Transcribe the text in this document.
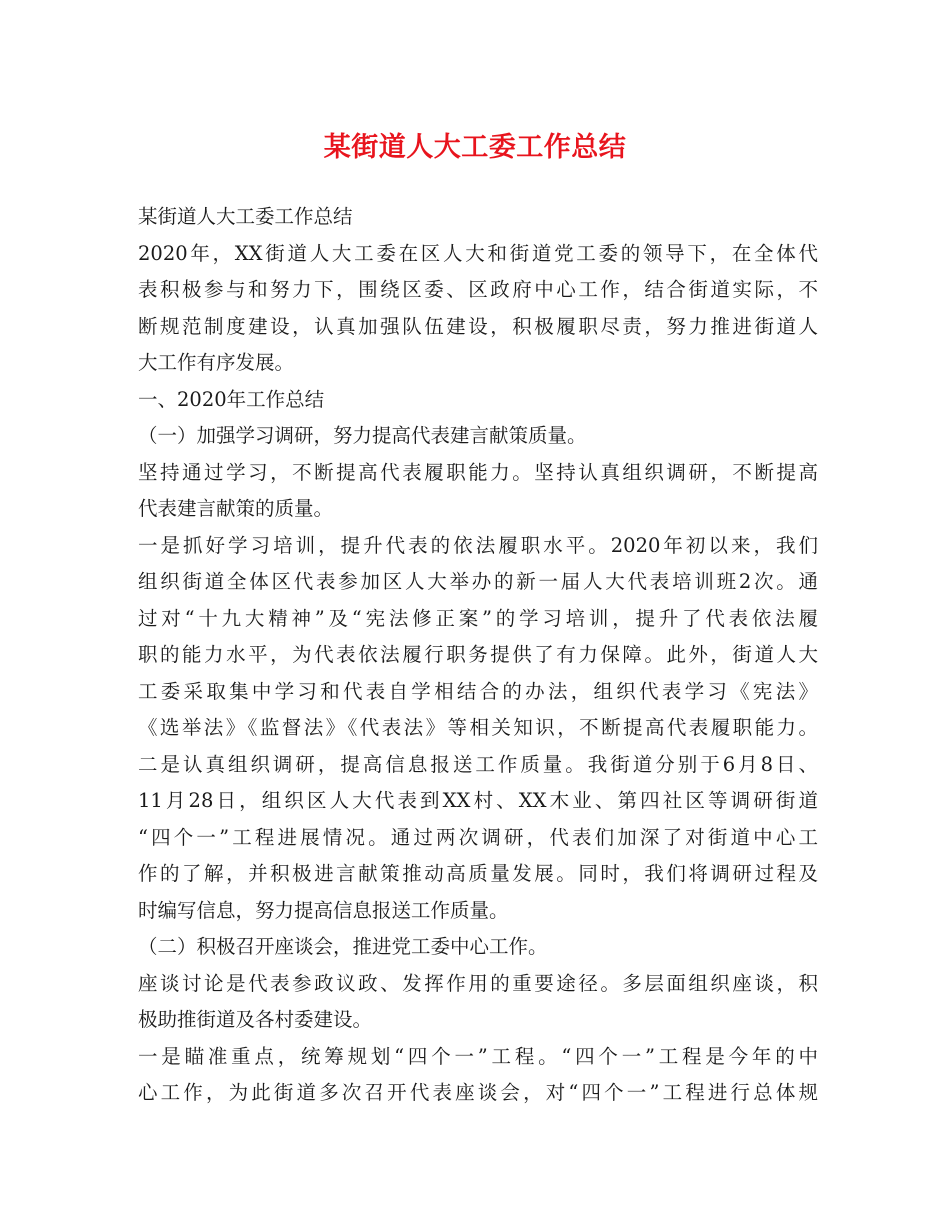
某街道人大工委工作总结
某街道人大工委工作总结
2020年，XX街道人大工委在区人大和街道党工委的领导下，在全体代
表积极参与和努力下，围绕区委、区政府中心工作，结合街道实际，不
断规范制度建设，认真加强队伍建设，积极履职尽责，努力推进街道人
大工作有序发展。
一、2020年工作总结
（一）加强学习调研，努力提高代表建言献策质量。
坚持通过学习，不断提高代表履职能力。坚持认真组织调研，不断提高
代表建言献策的质量。
一是抓好学习培训，提升代表的依法履职水平。2020年初以来，我们
组织街道全体区代表参加区人大举办的新一届人大代表培训班2次。通
过对“十九大精神”及“宪法修正案”的学习培训，提升了代表依法履
职的能力水平，为代表依法履行职务提供了有力保障。此外，街道人大
工委采取集中学习和代表自学相结合的办法，组织代表学习《宪法》
《选举法》《监督法》《代表法》等相关知识，不断提高代表履职能力。
二是认真组织调研，提高信息报送工作质量。我街道分别于6月8日、
11月28日，组织区人大代表到XX村、XX木业、第四社区等调研街道
“四个一”工程进展情况。通过两次调研，代表们加深了对街道中心工
作的了解，并积极进言献策推动高质量发展。同时，我们将调研过程及
时编写信息，努力提高信息报送工作质量。
（二）积极召开座谈会，推进党工委中心工作。
座谈讨论是代表参政议政、发挥作用的重要途径。多层面组织座谈，积
极助推街道及各村委建设。
一是瞄准重点，统筹规划“四个一”工程。“四个一”工程是今年的中
心工作，为此街道多次召开代表座谈会，对“四个一”工程进行总体规
